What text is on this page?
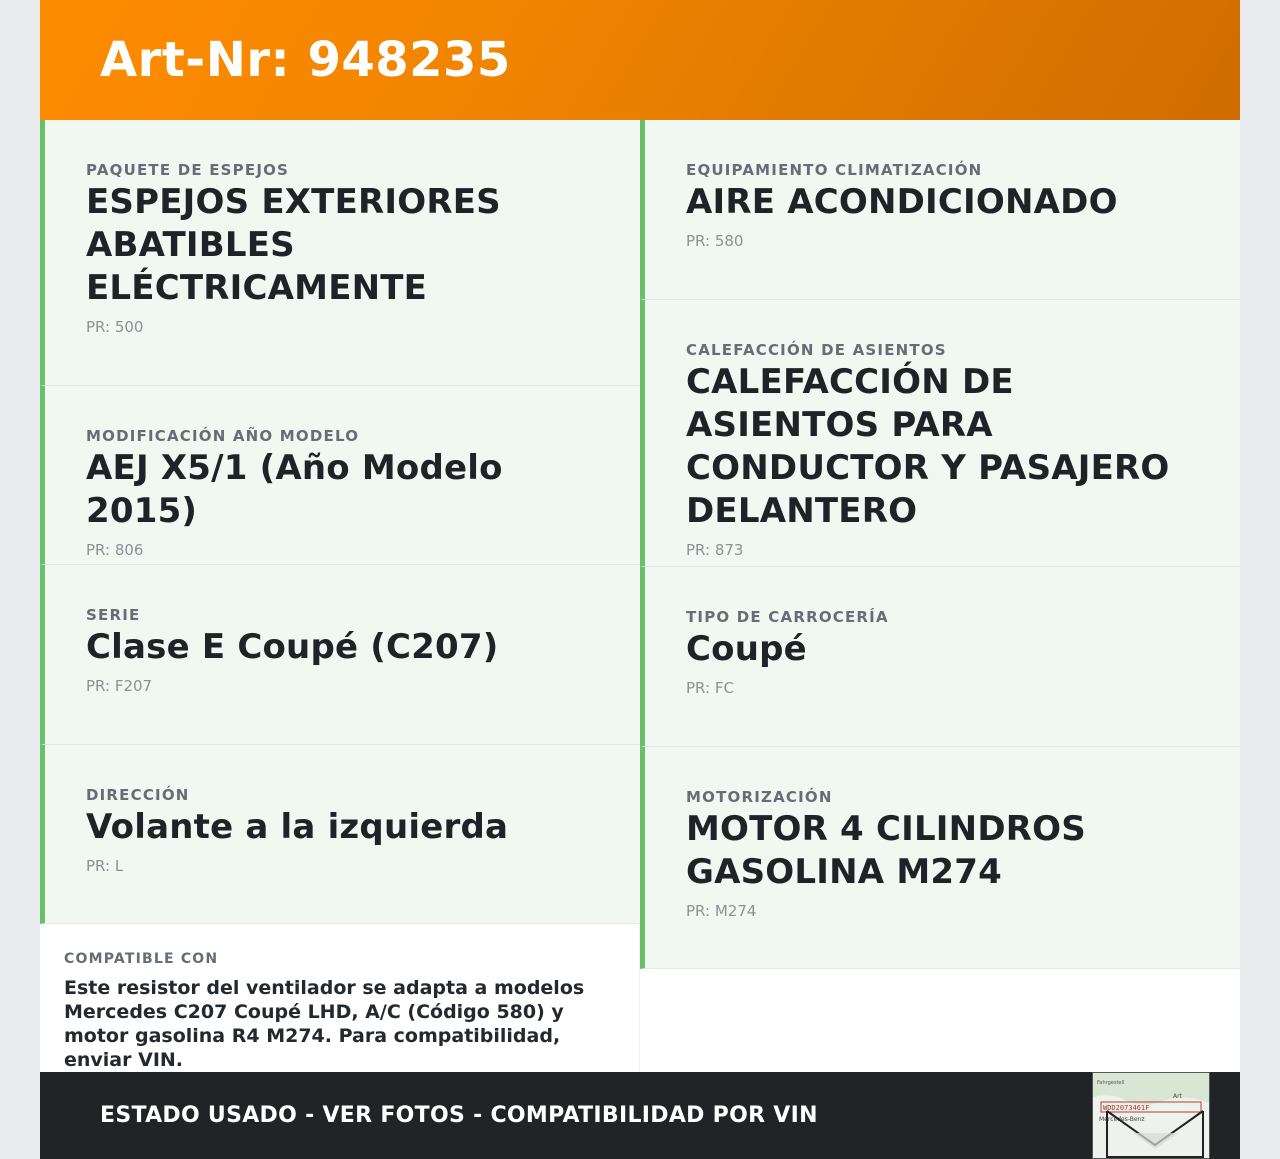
Art-Nr: 948235
PAQUETE DE ESPEJOS
ESPEJOS EXTERIORES ABATIBLES ELÉCTRICAMENTE
PR: 500
MODIFICACIÓN AÑO MODELO
AEJ X5/1 (Año Modelo 2015)
PR: 806
SERIE
Clase E Coupé (C207)
PR: F207
DIRECCIÓN
Volante a la izquierda
PR: L
COMPATIBLE CON
Este resistor del ventilador se adapta a modelos Mercedes C207 Coupé LHD, A/C (Código 580) y motor gasolina R4 M274. Para compatibilidad, enviar VIN.
EQUIPAMIENTO CLIMATIZACIÓN
AIRE ACONDICIONADO
PR: 580
CALEFACCIÓN DE ASIENTOS
CALEFACCIÓN DE ASIENTOS PARA CONDUCTOR Y PASAJERO DELANTERO
PR: 873
TIPO DE CARROCERÍA
Coupé
PR: FC
MOTORIZACIÓN
MOTOR 4 CILINDROS GASOLINA M274
PR: M274
ESTADO USADO - VER FOTOS - COMPATIBILIDAD POR VIN
Fahrgestell
Art
WDD2073461F
Mercedes-Benz
